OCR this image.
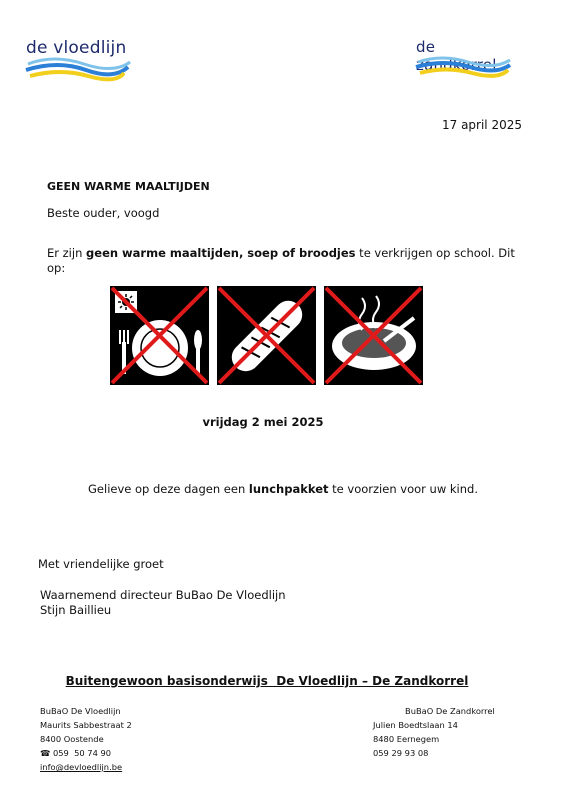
de vloedlijn	de zandkorrel
17 april 2025
GEEN WARME MAALTIJDEN
Beste ouder, voogd
Er zijn geen warme maaltijden, soep of broodjes te verkrijgen op school. Dit op:
vrijdag 2 mei 2025
Gelieve op deze dagen een lunchpakket te voorzien voor uw kind.
Met vriendelijke groet
Waarnemend directeur BuBao De Vloedlijn
Stijn Baillieu
Buitengewoon basisonderwijs  De Vloedlijn – De Zandkorrel
BuBaO De Vloedlijn
Maurits Sabbestraat 2
8400 Oostende
☎ 059  50 74 90
info@devloedlijn.be
BuBaO De Zandkorrel
Julien Boedtslaan 14
8480 Eernegem
059 29 93 08
